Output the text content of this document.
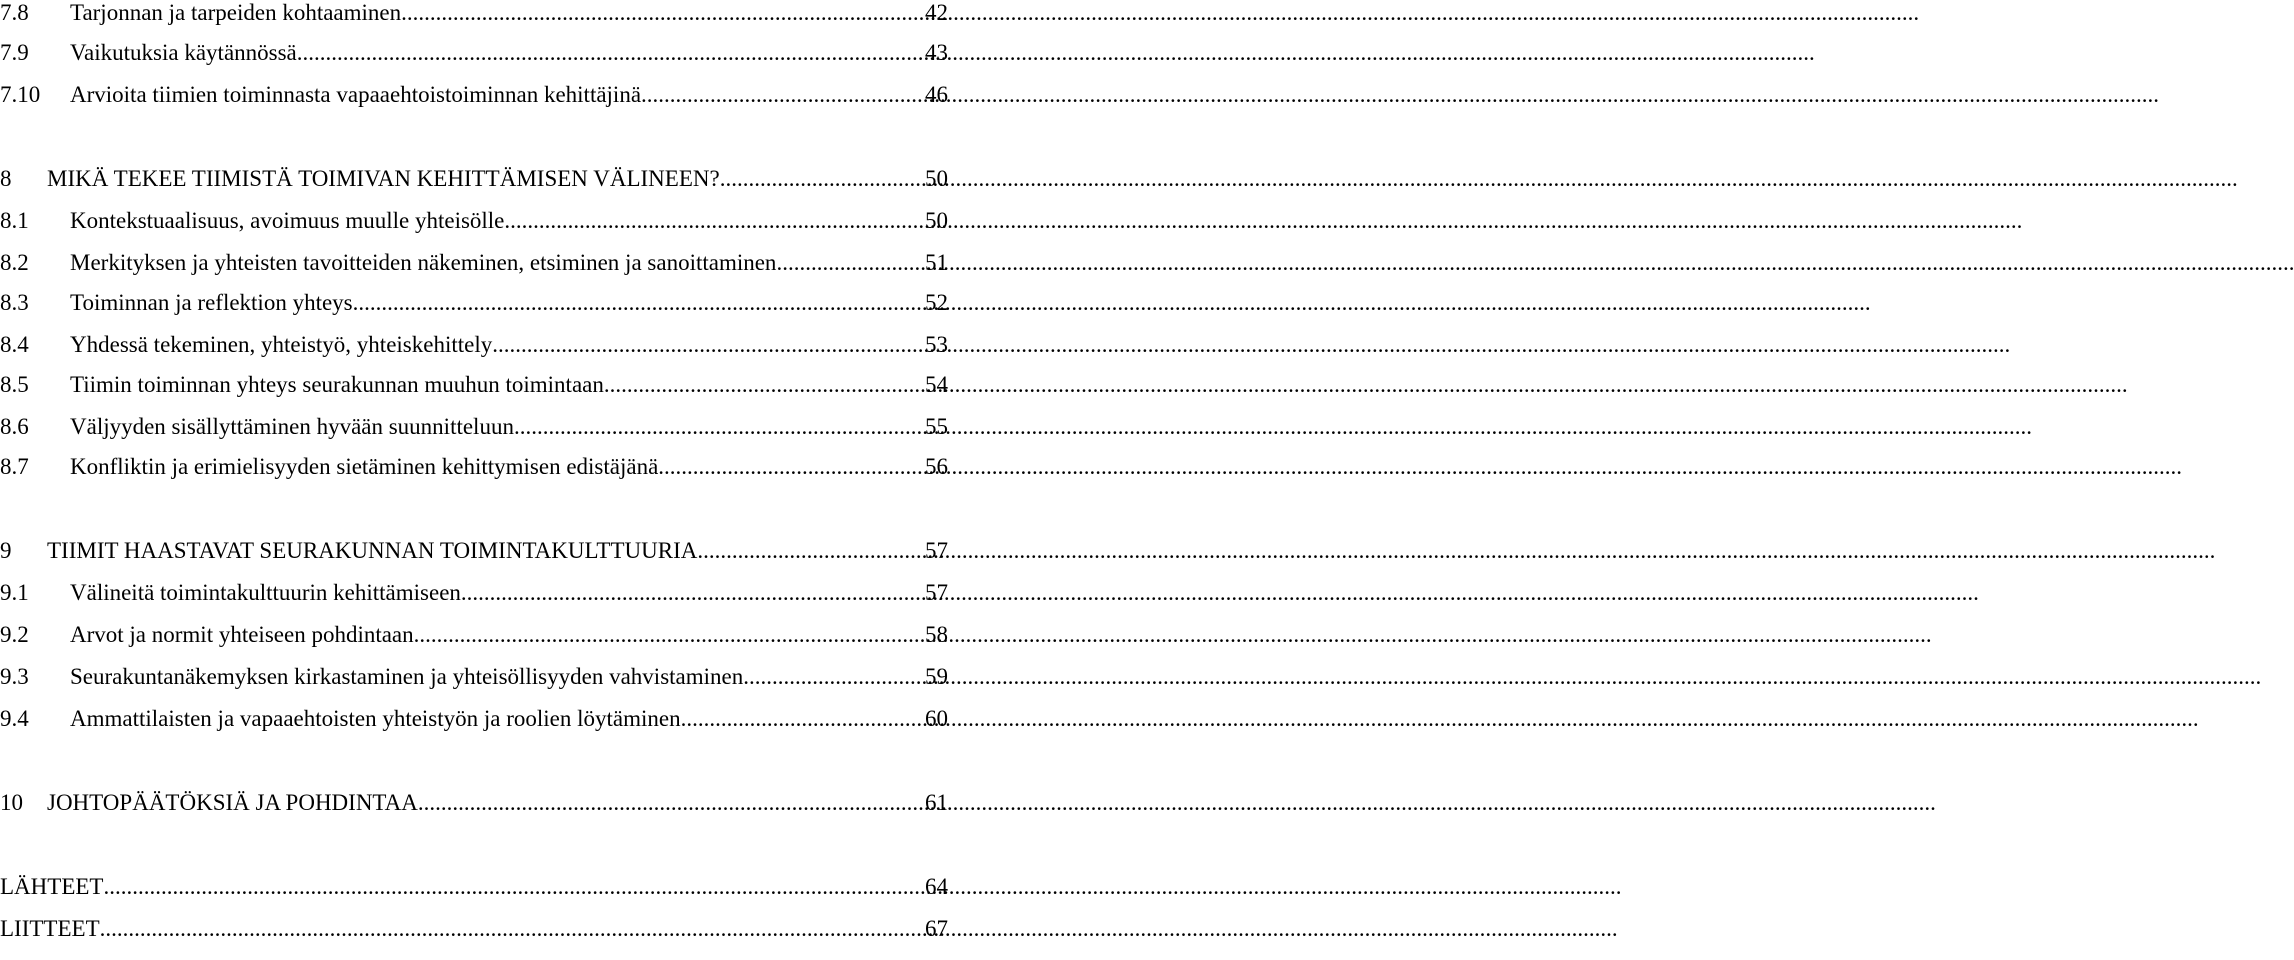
7.8	Tarjonnan ja tarpeiden kohtaaminen .....	42
7.9	Vaikutuksia käytännössä .....	43
7.10	Arvioita tiimien toiminnasta vapaaehtoistoiminnan kehittäjinä .....	46
8	MIKÄ TEKEE TIIMISTÄ TOIMIVAN KEHITTÄMISEN VÄLINEEN? .....	50
8.1	Kontekstuaalisuus, avoimuus muulle yhteisölle .....	50
8.2	Merkityksen ja yhteisten tavoitteiden näkeminen, etsiminen ja sanoittaminen .....	51
8.3	Toiminnan ja reflektion yhteys .....	52
8.4	Yhdessä tekeminen, yhteistyö, yhteiskehittely .....	53
8.5	Tiimin toiminnan yhteys seurakunnan muuhun toimintaan. .....	54
8.6	Väljyyden sisällyttäminen hyvään suunnitteluun .....	55
8.7	Konfliktin ja erimielisyyden sietäminen kehittymisen edistäjänä. .....	56
9	TIIMIT HAASTAVAT SEURAKUNNAN TOIMINTAKULTTUURIA .....	57
9.1	Välineitä toimintakulttuurin kehittämiseen .....	57
9.2	Arvot ja normit yhteiseen pohdintaan .....	58
9.3	Seurakuntanäkemyksen kirkastaminen ja yhteisöllisyyden vahvistaminen .....	59
9.4	Ammattilaisten ja vapaaehtoisten yhteistyön ja roolien löytäminen .....	60
10	JOHTOPÄÄTÖKSIÄ JA POHDINTAA .....	61
LÄHTEET .....	64
LIITTEET .....	67
